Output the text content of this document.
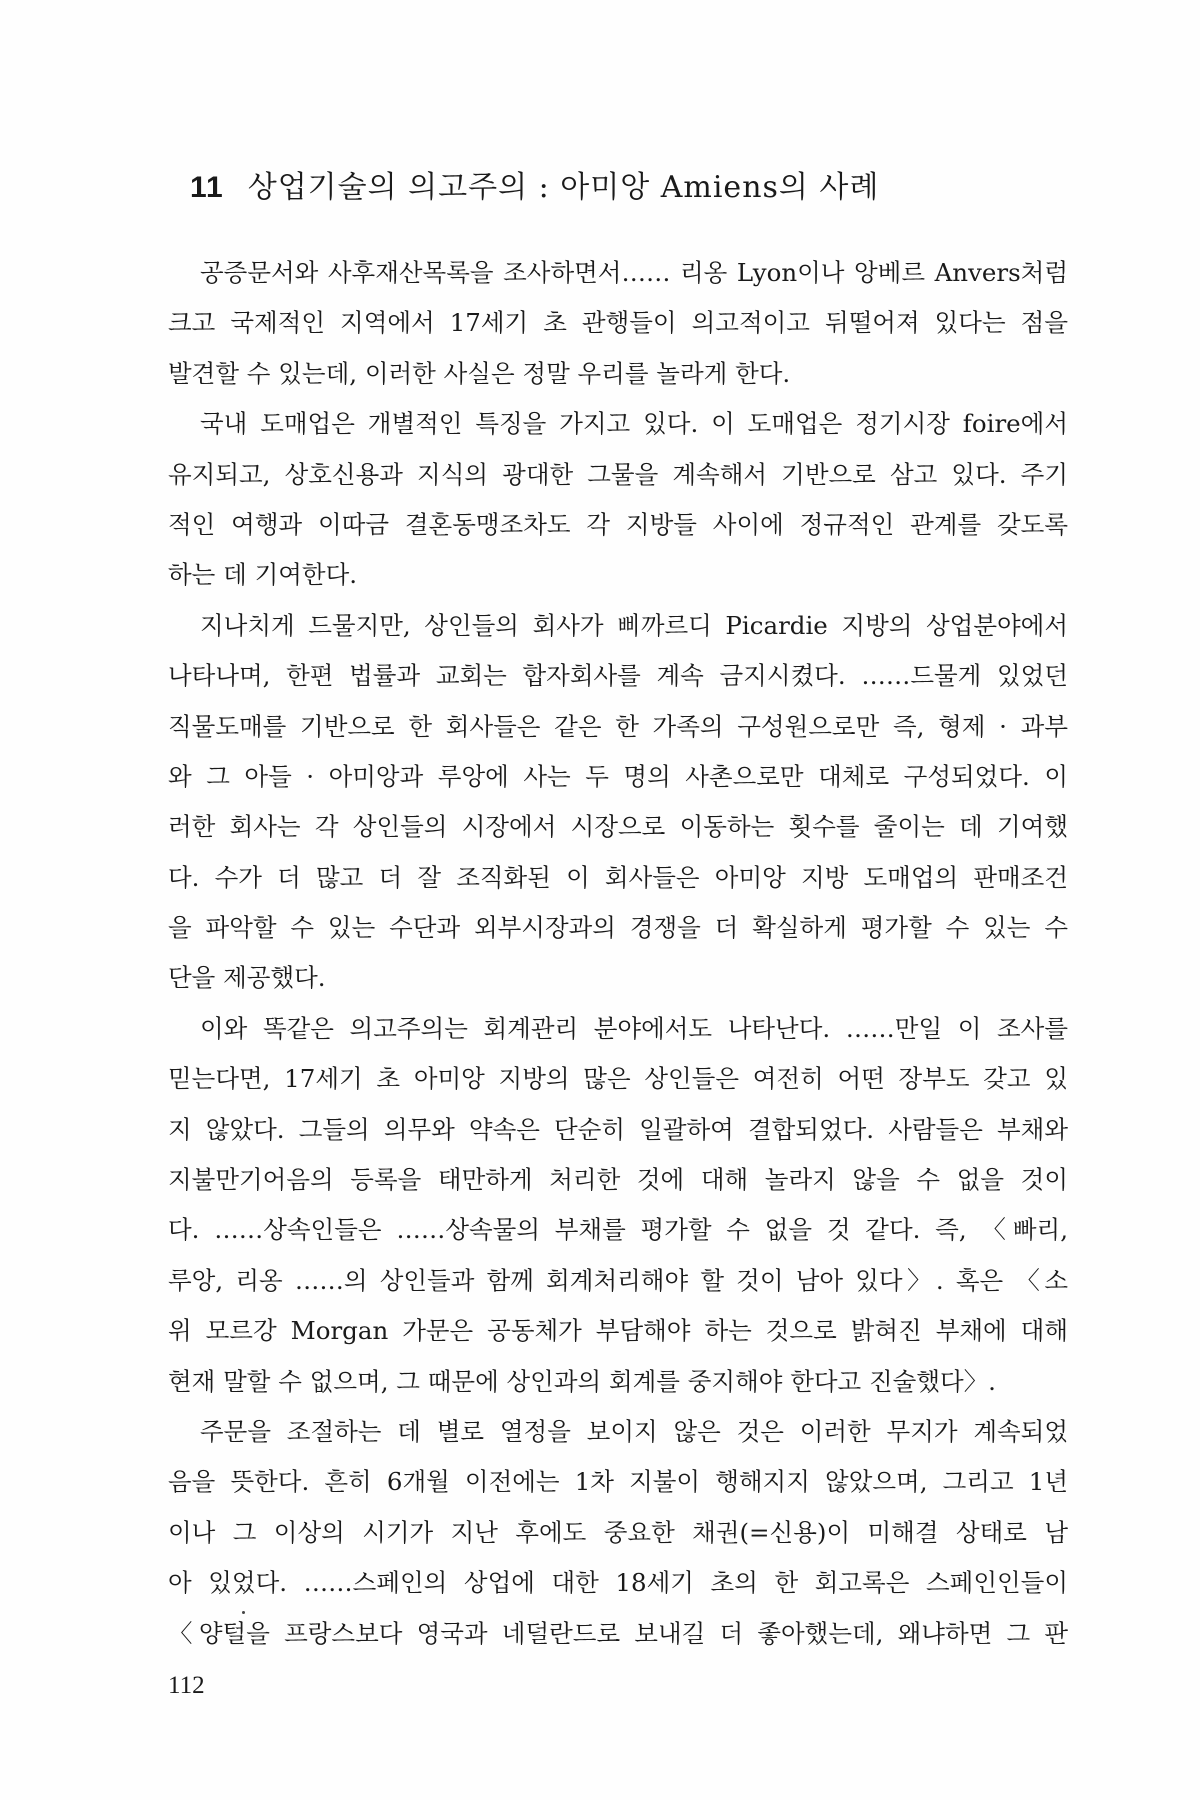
11 상업기술의 의고주의 : 아미앙 Amiens의 사례
공증문서와 사후재산목록을 조사하면서…… 리옹 Lyon이나 앙베르 Anvers처럼
크고 국제적인 지역에서 17세기 초 관행들이 의고적이고 뒤떨어져 있다는 점을
발견할 수 있는데, 이러한 사실은 정말 우리를 놀라게 한다.
국내 도매업은 개별적인 특징을 가지고 있다. 이 도매업은 정기시장 foire에서
유지되고, 상호신용과 지식의 광대한 그물을 계속해서 기반으로 삼고 있다. 주기
적인 여행과 이따금 결혼동맹조차도 각 지방들 사이에 정규적인 관계를 갖도록
하는 데 기여한다.
지나치게 드물지만, 상인들의 회사가 삐까르디 Picardie 지방의 상업분야에서
나타나며, 한편 법률과 교회는 합자회사를 계속 금지시켰다. ……드물게 있었던
직물도매를 기반으로 한 회사들은 같은 한 가족의 구성원으로만 즉, 형제 · 과부
와 그 아들 · 아미앙과 루앙에 사는 두 명의 사촌으로만 대체로 구성되었다. 이
러한 회사는 각 상인들의 시장에서 시장으로 이동하는 횟수를 줄이는 데 기여했
다. 수가 더 많고 더 잘 조직화된 이 회사들은 아미앙 지방 도매업의 판매조건
을 파악할 수 있는 수단과 외부시장과의 경쟁을 더 확실하게 평가할 수 있는 수
단을 제공했다.
이와 똑같은 의고주의는 회계관리 분야에서도 나타난다. ……만일 이 조사를
믿는다면, 17세기 초 아미앙 지방의 많은 상인들은 여전히 어떤 장부도 갖고 있
지 않았다. 그들의 의무와 약속은 단순히 일괄하여 결합되었다. 사람들은 부채와
지불만기어음의 등록을 태만하게 처리한 것에 대해 놀라지 않을 수 없을 것이
다. ……상속인들은 ……상속물의 부채를 평가할 수 없을 것 같다. 즉, 〈빠리,
루앙, 리옹 ……의 상인들과 함께 회계처리해야 할 것이 남아 있다〉. 혹은 〈소
위 모르강 Morgan 가문은 공동체가 부담해야 하는 것으로 밝혀진 부채에 대해
현재 말할 수 없으며, 그 때문에 상인과의 회계를 중지해야 한다고 진술했다〉.
주문을 조절하는 데 별로 열정을 보이지 않은 것은 이러한 무지가 계속되었
음을 뜻한다. 흔히 6개월 이전에는 1차 지불이 행해지지 않았으며, 그리고 1년
이나 그 이상의 시기가 지난 후에도 중요한 채권(=신용)이 미해결 상태로 남
아 있었다. ……스페인의 상업에 대한 18세기 초의 한 회고록은 스페인인들이
〈양털을 프랑스보다 영국과 네덜란드로 보내길 더 좋아했는데, 왜냐하면 그 판
112
